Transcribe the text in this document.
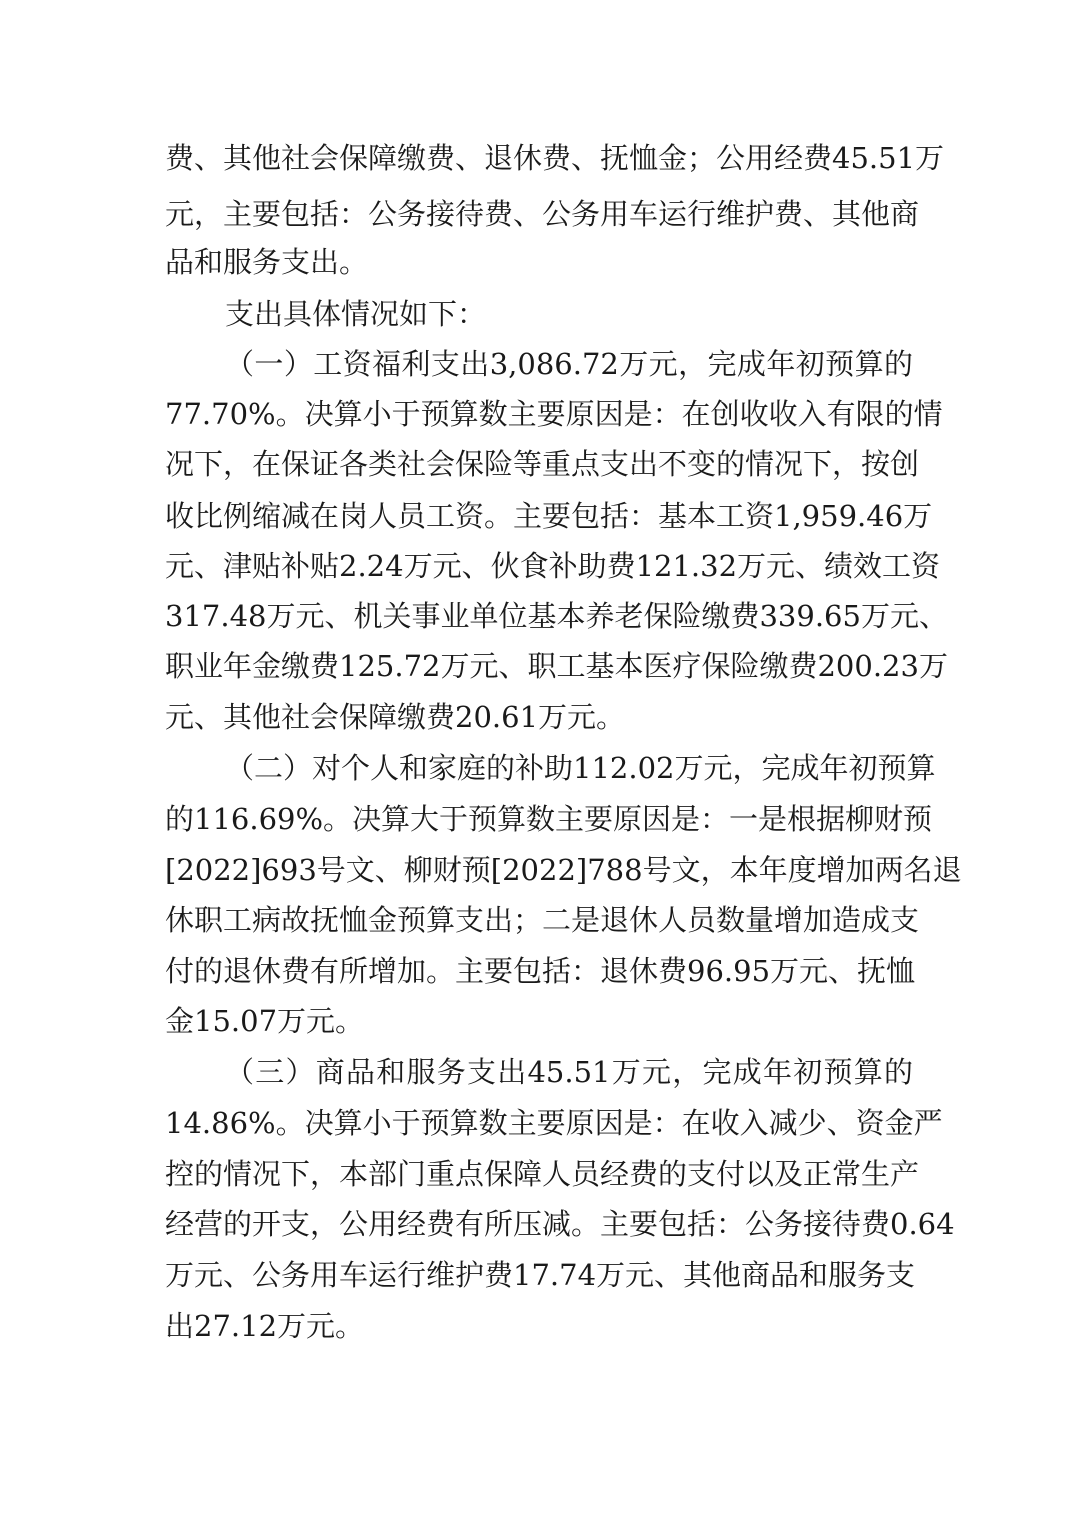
费、其他社会保障缴费、退休费、抚恤金；公用经费45.51万
元，主要包括：公务接待费、公务用车运行维护费、其他商
品和服务支出。
支出具体情况如下：
（一）工资福利支出3,086.72万元，完成年初预算的
77.70%。决算小于预算数主要原因是：在创收收入有限的情
况下，在保证各类社会保险等重点支出不变的情况下，按创
收比例缩减在岗人员工资。主要包括：基本工资1,959.46万
元、津贴补贴2.24万元、伙食补助费121.32万元、绩效工资
317.48万元、机关事业单位基本养老保险缴费339.65万元、
职业年金缴费125.72万元、职工基本医疗保险缴费200.23万
元、其他社会保障缴费20.61万元。
（二）对个人和家庭的补助112.02万元，完成年初预算
的116.69%。决算大于预算数主要原因是：一是根据柳财预
[2022]693号文、柳财预[2022]788号文，本年度增加两名退
休职工病故抚恤金预算支出；二是退休人员数量增加造成支
付的退休费有所增加。主要包括：退休费96.95万元、抚恤
金15.07万元。
（三）商品和服务支出45.51万元，完成年初预算的
14.86%。决算小于预算数主要原因是：在收入减少、资金严
控的情况下，本部门重点保障人员经费的支付以及正常生产
经营的开支，公用经费有所压减。主要包括：公务接待费0.64
万元、公务用车运行维护费17.74万元、其他商品和服务支
出27.12万元。
